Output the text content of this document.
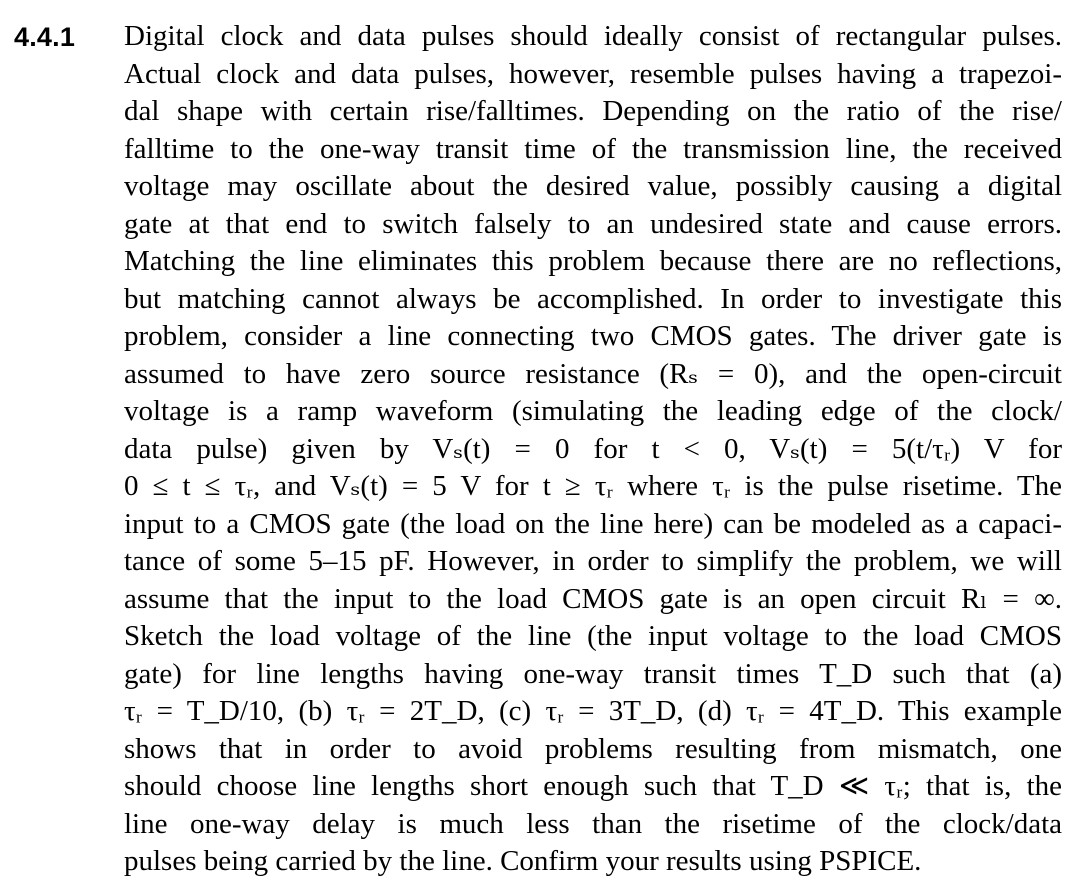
4.4.1 Digital clock and data pulses should ideally consist of rectangular pulses.
Actual clock and data pulses, however, resemble pulses having a trapezoi-
dal shape with certain rise/falltimes. Depending on the ratio of the rise/
falltime to the one-way transit time of the transmission line, the received
voltage may oscillate about the desired value, possibly causing a digital
gate at that end to switch falsely to an undesired state and cause errors.
Matching the line eliminates this problem because there are no reflections,
but matching cannot always be accomplished. In order to investigate this
problem, consider a line connecting two CMOS gates. The driver gate is
assumed to have zero source resistance (Rₛ = 0), and the open-circuit
voltage is a ramp waveform (simulating the leading edge of the clock/
data pulse) given by Vₛ(t) = 0 for t < 0, Vₛ(t) = 5(t/τᵣ) V for
0 ≤ t ≤ τᵣ, and Vₛ(t) = 5 V for t ≥ τᵣ where τᵣ is the pulse risetime. The
input to a CMOS gate (the load on the line here) can be modeled as a capaci-
tance of some 5–15 pF. However, in order to simplify the problem, we will
assume that the input to the load CMOS gate is an open circuit Rₗ = ∞.
Sketch the load voltage of the line (the input voltage to the load CMOS
gate) for line lengths having one-way transit times T_D such that (a)
τᵣ = T_D/10, (b) τᵣ = 2T_D, (c) τᵣ = 3T_D, (d) τᵣ = 4T_D. This example
shows that in order to avoid problems resulting from mismatch, one
should choose line lengths short enough such that T_D ≪ τᵣ; that is, the
line one-way delay is much less than the risetime of the clock/data
pulses being carried by the line. Confirm your results using PSPICE.
